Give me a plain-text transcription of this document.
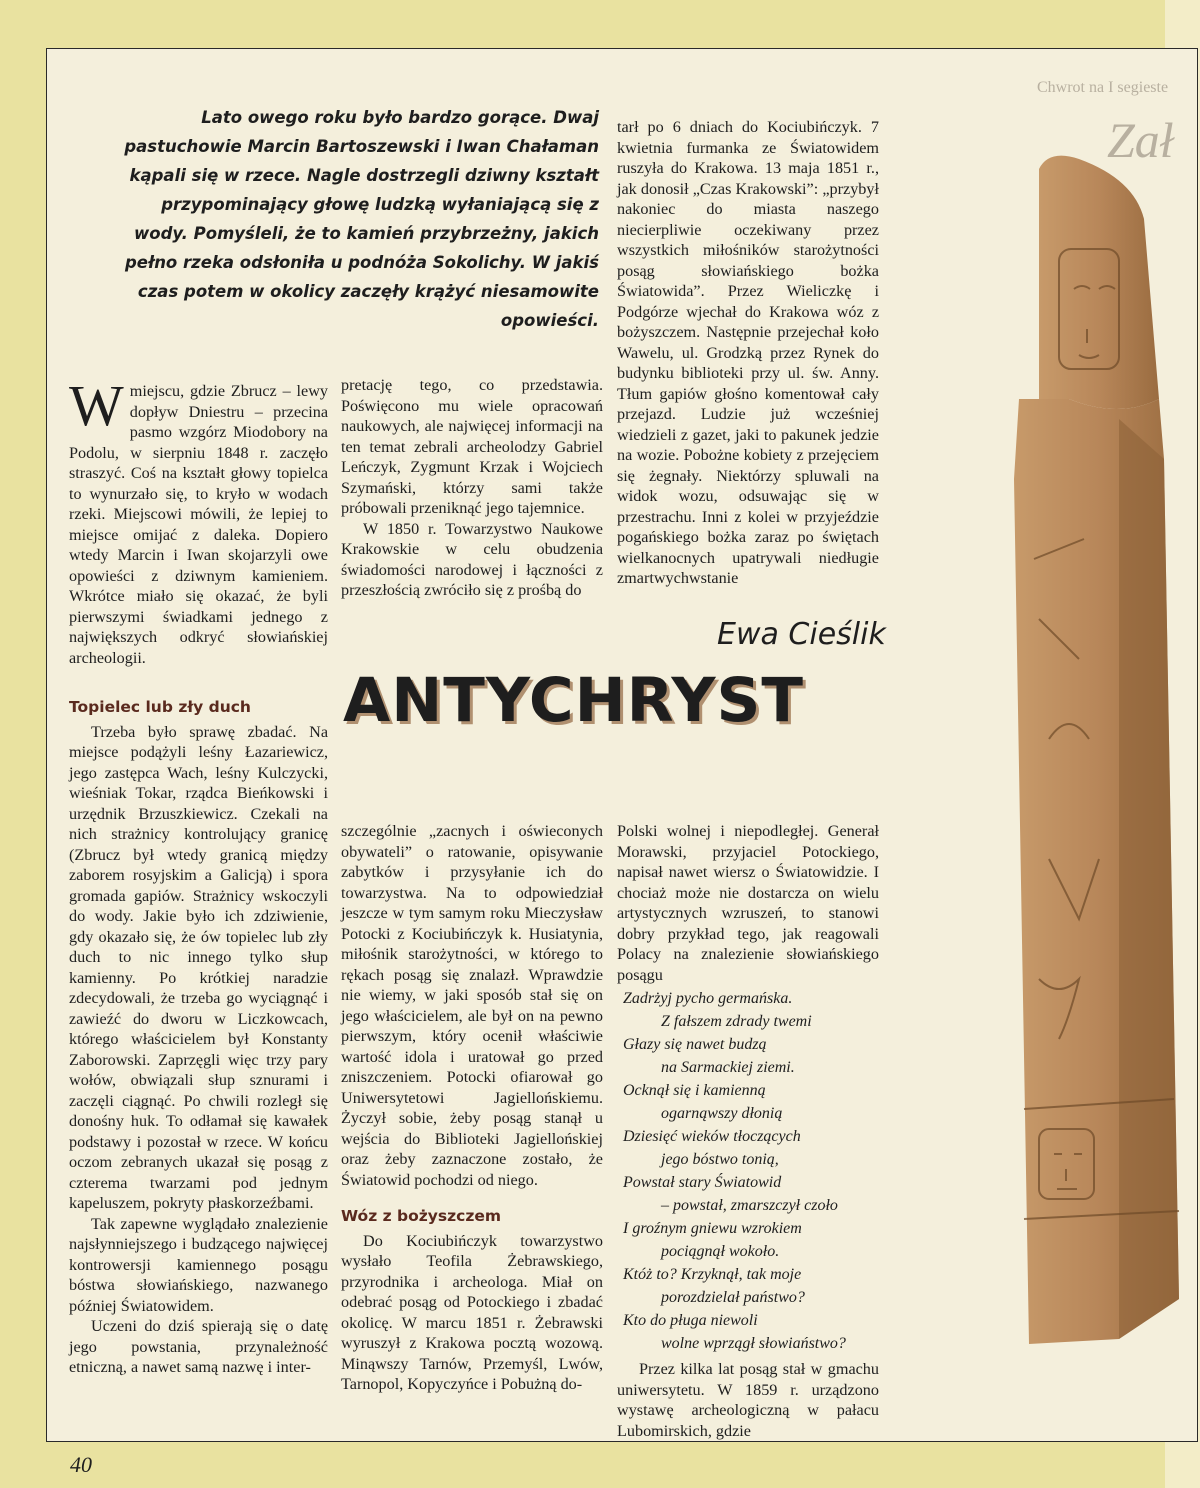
Lato owego roku było bardzo gorące. Dwaj pastuchowie Marcin Bartoszewski i Iwan Chałaman kąpali się w rzece. Nagle dostrzegli dziwny kształt przypominający głowę ludzką wyłaniającą się z wody. Pomyśleli, że to kamień przybrzeżny, jakich pełno rzeka odsłoniła u podnóża Sokolichy. W jakiś czas potem w okolicy zaczęły krążyć niesamowite opowieści.

Wmiejscu, gdzie Zbrucz – lewy dopływ Dniestru – przecina pasmo wzgórz Miodobory na Podolu, w sierpniu 1848 r. zaczęło straszyć. Coś na kształt głowy topielca to wynurzało się, to kryło w wodach rzeki. Miejscowi mówili, że lepiej to miejsce omijać z daleka. Dopiero wtedy Marcin i Iwan skojarzyli owe opowieści z dziwnym kamieniem. Wkrótce miało się okazać, że byli pierwszymi świadkami jednego z największych odkryć słowiańskiej archeologii.

Topielec lub zły duch

Trzeba było sprawę zbadać. Na miejsce podążyli leśny Łazariewicz, jego zastępca Wach, leśny Kulczycki, wieśniak Tokar, rządca Bieńkowski i urzędnik Brzuszkiewicz. Czekali na nich strażnicy kontrolujący granicę (Zbrucz był wtedy granicą między zaborem rosyjskim a Galicją) i spora gromada gapiów. Strażnicy wskoczyli do wody. Jakie było ich zdziwienie, gdy okazało się, że ów topielec lub zły duch to nic innego tylko słup kamienny. Po krótkiej naradzie zdecydowali, że trzeba go wyciągnąć i zawieźć do dworu w Liczkowcach, którego właścicielem był Konstanty Zaborowski. Zaprzęgli więc trzy pary wołów, obwiązali słup sznurami i zaczęli ciągnąć. Po chwili rozległ się donośny huk. To odłamał się kawałek podstawy i pozostał w rzece. W końcu oczom zebranych ukazał się posąg z czterema twarzami pod jednym kapeluszem, pokryty płaskorzeźbami.

Tak zapewne wyglądało znalezienie najsłynniejszego i budzącego najwięcej kontrowersji kamiennego posągu bóstwa słowiańskiego, nazwanego później Światowidem.

Uczeni do dziś spierają się o datę jego powstania, przynależność etniczną, a nawet samą nazwę i inter-

pretację tego, co przedstawia. Poświęcono mu wiele opracowań naukowych, ale najwięcej informacji na ten temat zebrali archeolodzy Gabriel Leńczyk, Zygmunt Krzak i Wojciech Szymański, którzy sami także próbowali przeniknąć jego tajemnice.

W 1850 r. Towarzystwo Naukowe Krakowskie w celu obudzenia świadomości narodowej i łączności z przeszłością zwróciło się z prośbą do

szczególnie „zacnych i oświeconych obywateli” o ratowanie, opisywanie zabytków i przysyłanie ich do towarzystwa. Na to odpowiedział jeszcze w tym samym roku Mieczysław Potocki z Kociubińczyk k. Husiatynia, miłośnik starożytności, w którego to rękach posąg się znalazł. Wprawdzie nie wiemy, w jaki sposób stał się on jego właścicielem, ale był on na pewno pierwszym, który ocenił właściwie wartość idola i uratował go przed zniszczeniem. Potocki ofiarował go Uniwersytetowi Jagiellońskiemu. Życzył sobie, żeby posąg stanął u wejścia do Biblioteki Jagiellońskiej oraz żeby zaznaczone zostało, że Światowid pochodzi od niego.

Wóz z bożyszczem

Do Kociubińczyk towarzystwo wysłało Teofila Żebrawskiego, przyrodnika i archeologa. Miał on odebrać posąg od Potockiego i zbadać okolicę. W marcu 1851 r. Żebrawski wyruszył z Krakowa pocztą wozową. Minąwszy Tarnów, Przemyśl, Lwów, Tarnopol, Kopyczyńce i Pobużną do-

tarł po 6 dniach do Kociubińczyk. 7 kwietnia furmanka ze Światowidem ruszyła do Krakowa. 13 maja 1851 r., jak donosił „Czas Krakowski”: „przybył nakoniec do miasta naszego niecierpliwie oczekiwany przez wszystkich miłośników starożytności posąg słowiańskiego bożka Światowida”. Przez Wieliczkę i Podgórze wjechał do Krakowa wóz z bożyszczem. Następnie przejechał koło Wawelu, ul. Grodzką przez Rynek do budynku biblioteki przy ul. św. Anny. Tłum gapiów głośno komentował cały przejazd. Ludzie już wcześniej wiedzieli z gazet, jaki to pakunek jedzie na wozie. Pobożne kobiety z przejęciem się żegnały. Niektórzy spluwali na widok wozu, odsuwając się w przestrachu. Inni z kolei w przyjeździe pogańskiego bożka zaraz po świętach wielkanocnych upatrywali niedługie zmartwychwstanie

Ewa Cieślik
ANTYCHRYST

Polski wolnej i niepodległej. Generał Morawski, przyjaciel Potockiego, napisał nawet wiersz o Światowidzie. I chociaż może nie dostarcza on wielu artystycznych wzruszeń, to stanowi dobry przykład tego, jak reagowali Polacy na znalezienie słowiańskiego posągu

Zadrżyj pycho germańska.
Z fałszem zdrady twemi
Głazy się nawet budzą
na Sarmackiej ziemi.
Ocknął się i kamienną
ogarnąwszy dłonią
Dziesięć wieków tłoczących
jego bóstwo tonią,
Powstał stary Światowid
– powstał, zmarszczył czoło
I groźnym gniewu wzrokiem
pociągnął wokoło.
Któż to? Krzyknął, tak moje
porozdzielał państwo?
Kto do pługa niewoli
wolne wprzągł słowiaństwo?

Przez kilka lat posąg stał w gmachu uniwersytetu. W 1859 r. urządzono wystawę archeologiczną w pałacu Lubomirskich, gdzie

Chwrot na I segieste
Zał
40
